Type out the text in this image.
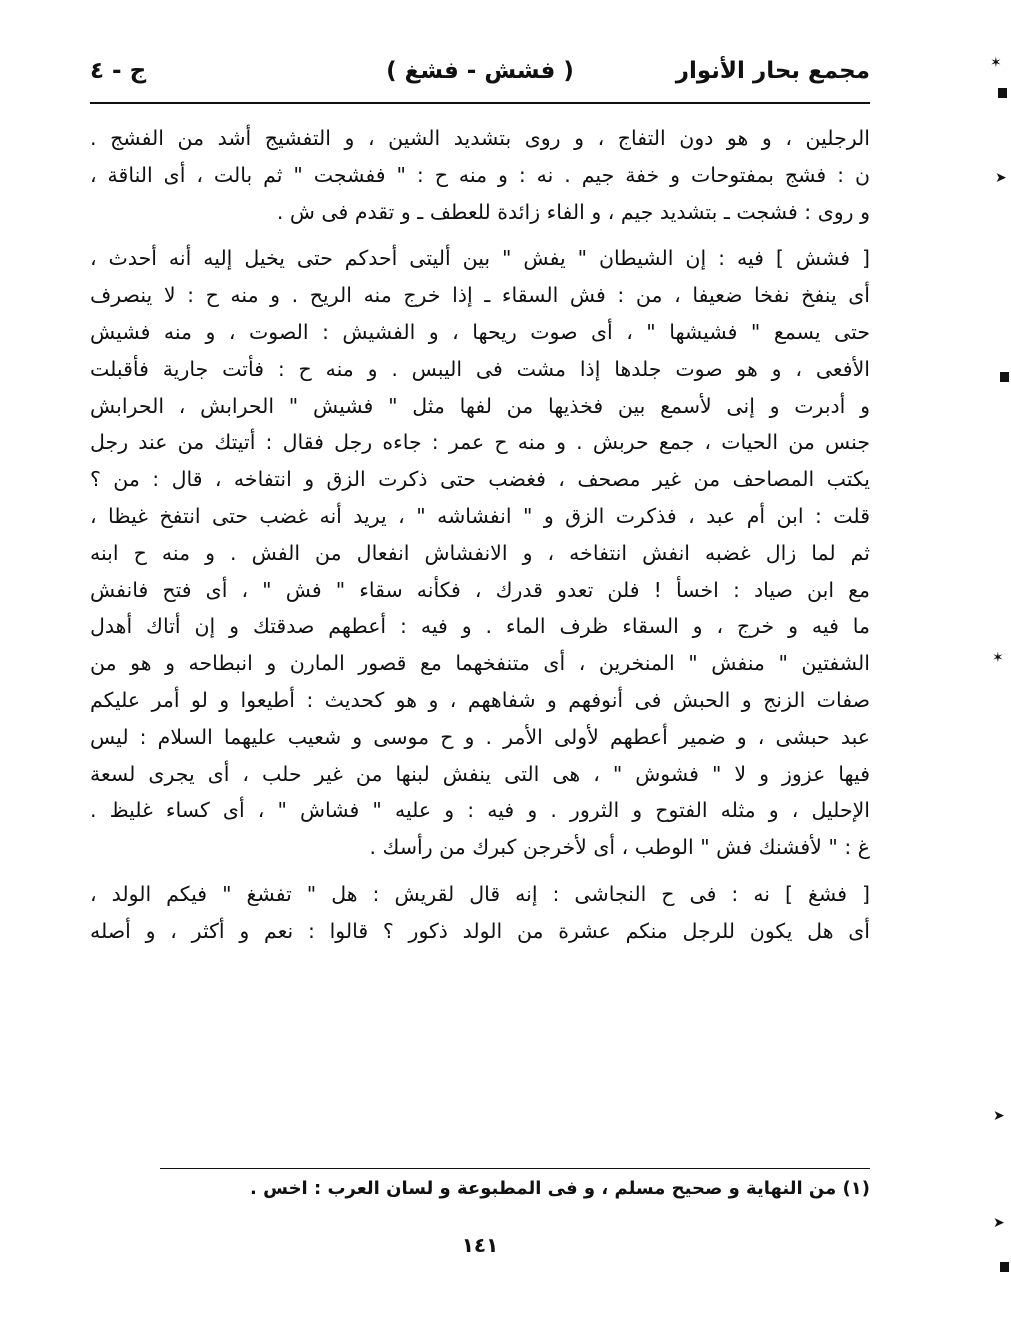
مجمع بحار الأنوار
( فشش - فشغ )
ج - ٤
الرجلين ، و هو دون التفاج ، و روى بتشديد الشين ، و التفشيج أشد من الفشج .
ن : فشج بمفتوحات و خفة جيم . نه : و منه ح : " ففشجت " ثم بالت ، أى الناقة ،
و روى : فشجت ـ بتشديد جيم ، و الفاء زائدة للعطف ـ و تقدم فى ش .
[ فشش ] فيه : إن الشيطان " يفش " بين أليتى أحدكم حتى يخيل إليه أنه أحدث ،
أى ينفخ نفخا ضعيفا ، من : فش السقاء ـ إذا خرج منه الريح . و منه ح : لا ينصرف
حتى يسمع " فشيشها " ، أى صوت ريحها ، و الفشيش : الصوت ، و منه فشيش
الأفعى ، و هو صوت جلدها إذا مشت فى اليبس . و منه ح : فأتت جارية فأقبلت
و أدبرت و إنى لأسمع بين فخذيها من لفها مثل " فشيش " الحرابش ، الحرابش
جنس من الحيات ، جمع حربش . و منه ح عمر : جاءه رجل فقال : أتيتك من عند رجل
يكتب المصاحف من غير مصحف ، فغضب حتى ذكرت الزق و انتفاخه ، قال : من ؟
قلت : ابن أم عبد ، فذكرت الزق و " انفشاشه " ، يريد أنه غضب حتى انتفخ غيظا ،
ثم لما زال غضبه انفش انتفاخه ، و الانفشاش انفعال من الفش . و منه ح ابنه
مع ابن صياد : اخسأ ! فلن تعدو قدرك ، فكأنه سقاء " فش " ، أى فتح فانفش
ما فيه و خرج ، و السقاء ظرف الماء . و فيه : أعطهم صدقتك و إن أتاك أهدل
الشفتين " منفش " المنخرين ، أى متنفخهما مع قصور المارن و انبطاحه و هو من
صفات الزنج و الحبش فى أنوفهم و شفاههم ، و هو كحديث : أطيعوا و لو أمر عليكم
عبد حبشى ، و ضمير أعطهم لأولى الأمر . و ح موسى و شعيب عليهما السلام : ليس
فيها عزوز و لا " فشوش " ، هى التى ينفش لبنها من غير حلب ، أى يجرى لسعة
الإحليل ، و مثله الفتوح و الثرور . و فيه : و عليه " فشاش " ، أى كساء غليظ .
غ : " لأفشنك فش " الوطب ، أى لأخرجن كبرك من رأسك .
[ فشغ ] نه : فى ح النجاشى : إنه قال لقريش : هل " تفشغ " فيكم الولد ،
أى هل يكون للرجل منكم عشرة من الولد ذكور ؟ قالوا : نعم و أكثر ، و أصله
(١) من النهاية و صحيح مسلم ، و فى المطبوعة و لسان العرب : اخس .
١٤١
✶
➤
✶
➤
➤
